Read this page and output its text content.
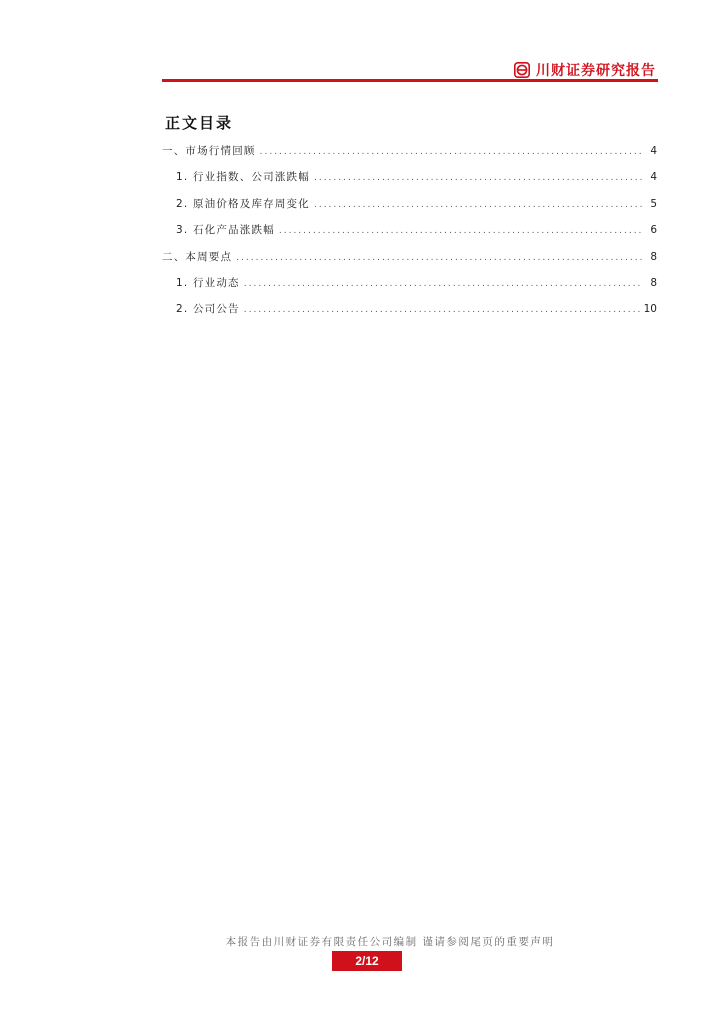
川财证券研究报告
正文目录
一、市场行情回顾 .....	4
1. 行业指数、公司涨跌幅 .....	4
2. 原油价格及库存周变化 .....	5
3. 石化产品涨跌幅 .....	6
二、本周要点 .....	8
1. 行业动态 .....	8
2. 公司公告 .....	10
本报告由川财证券有限责任公司编制 谨请参阅尾页的重要声明
2/12
